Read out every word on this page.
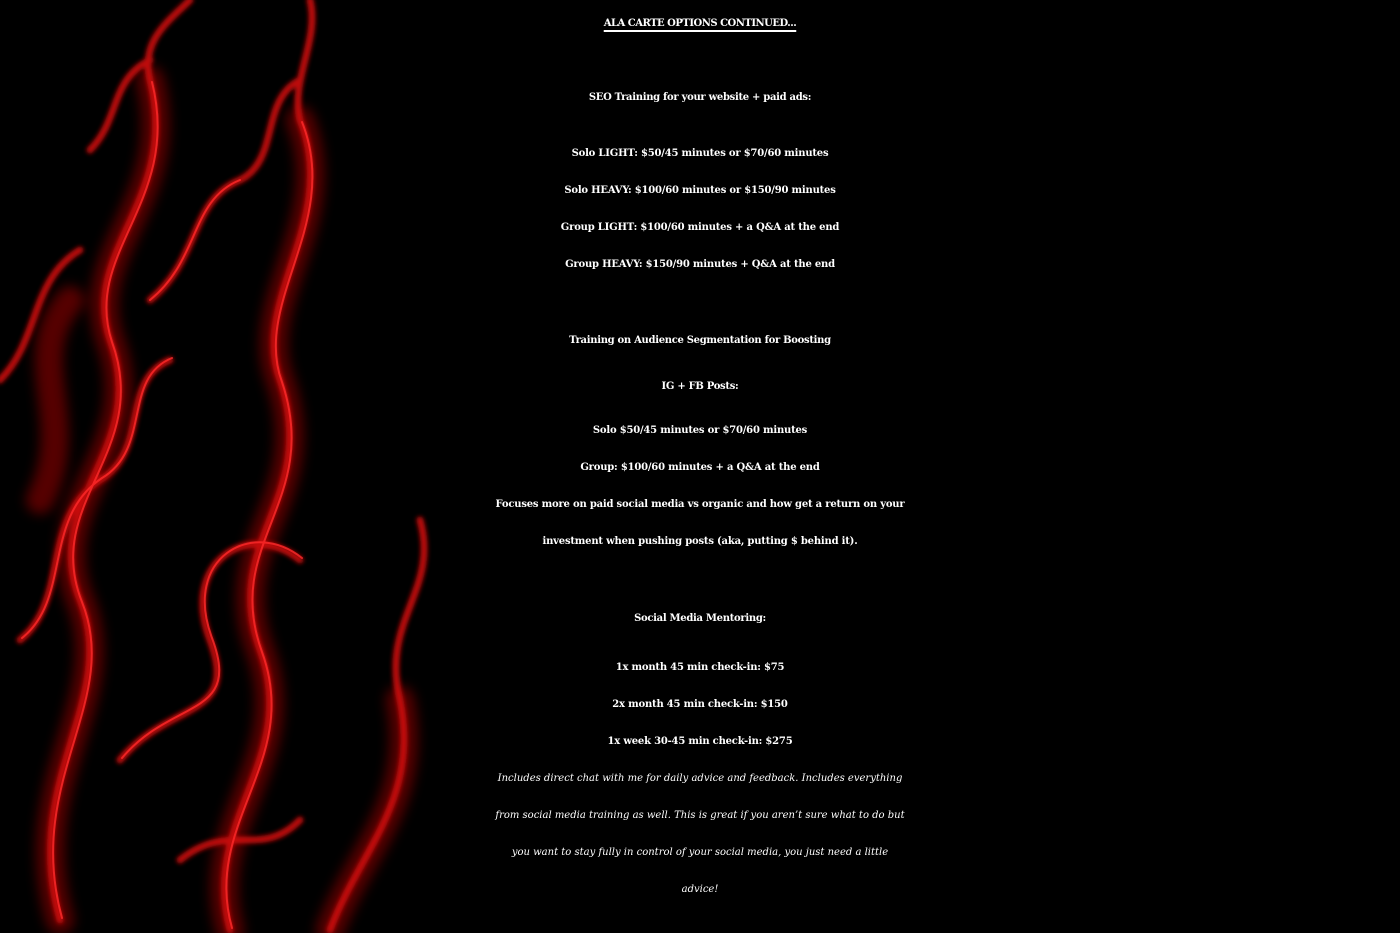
ALA CARTE OPTIONS CONTINUED...
SEO Training for your website + paid ads:
Solo LIGHT: $50/45 minutes or $70/60 minutes
Solo HEAVY: $100/60 minutes or $150/90 minutes
Group LIGHT: $100/60 minutes + a Q&A at the end
Group HEAVY: $150/90 minutes + Q&A at the end
Training on Audience Segmentation for Boosting
IG + FB Posts:
Solo $50/45 minutes or $70/60 minutes
Group: $100/60 minutes + a Q&A at the end
Focuses more on paid social media vs organic and how get a return on your
investment when pushing posts (aka, putting $ behind it).
Social Media Mentoring:
1x month 45 min check-in: $75
2x month 45 min check-in: $150
1x week 30-45 min check-in: $275
Includes direct chat with me for daily advice and feedback. Includes everything
from social media training as well. This is great if you aren’t sure what to do but
you want to stay fully in control of your social media, you just need a little
advice!
